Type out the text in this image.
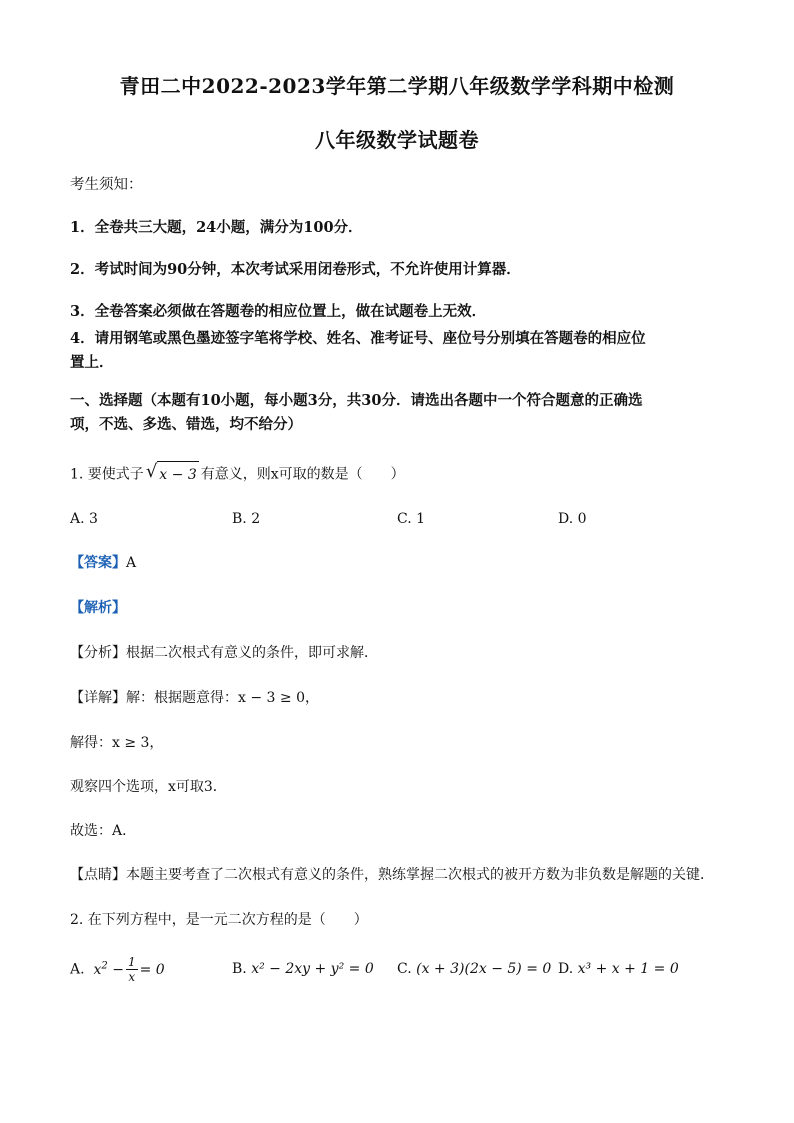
青田二中2022-2023学年第二学期八年级数学学科期中检测
八年级数学试题卷
考生须知：
1．全卷共三大题，24小题，满分为100分．
2．考试时间为90分钟，本次考试采用闭卷形式，不允许使用计算器．
3．全卷答案必须做在答题卷的相应位置上，做在试题卷上无效．
4．请用钢笔或黑色墨迹签字笔将学校、姓名、准考证号、座位号分别填在答题卷的相应位
置上．
一、选择题（本题有10小题，每小题3分，共30分．请选出各题中一个符合题意的正确选
项，不选、多选、错选，均不给分）
1. 要使式子 √ x − 3 有意义，则x可取的数是（　　）
A. 3	B. 2	C. 1	D. 0
【答案】A
【解析】
【分析】根据二次根式有意义的条件，即可求解．
【详解】解：根据题意得：x − 3 ≥ 0，
解得：x ≥ 3，
观察四个选项，x可取3．
故选：A．
【点睛】本题主要考查了二次根式有意义的条件，熟练掌握二次根式的被开方数为非负数是解题的关键．
2. 在下列方程中，是一元二次方程的是（　　）
A.  $x^2 - \frac{1}{x} = 0$	B. x² − 2xy + y² = 0 C. (x + 3)(2x − 5) = 0 D. x³ + x + 1 = 0
